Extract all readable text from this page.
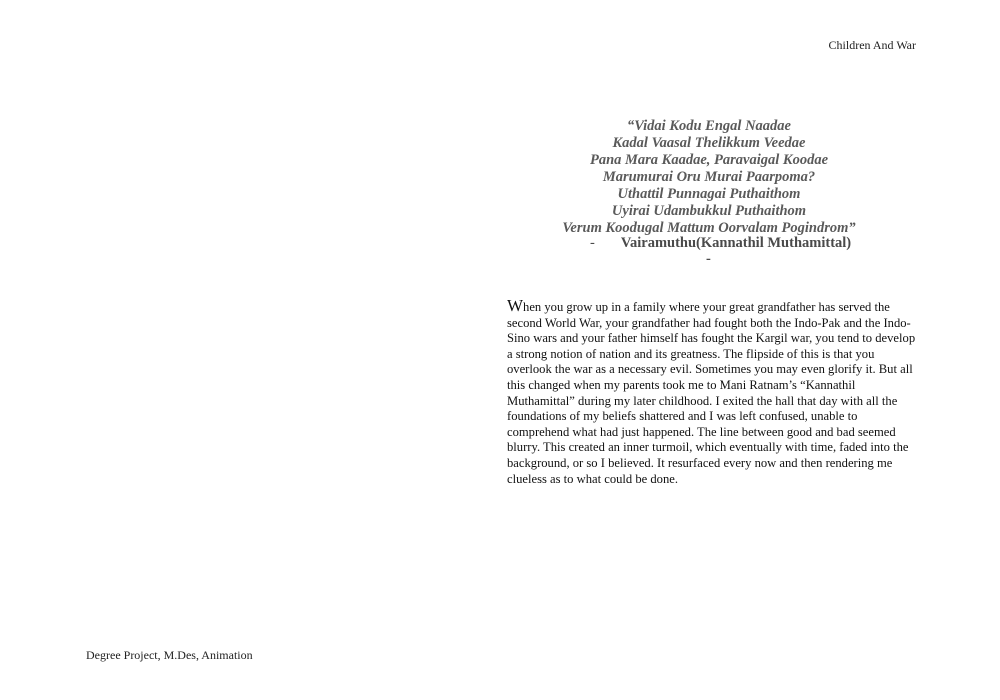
Children And War
“Vidai Kodu Engal Naadae
Kadal Vaasal Thelikkum Veedae
Pana Mara Kaadae, Paravaigal Koodae
Marumurai Oru Murai Paarpoma?
Uthattil Punnagai Puthaithom
Uyirai Udambukkul Puthaithom
Verum Koodugal Mattum Oorvalam Pogindrom”
- Vairamuthu(Kannathil Muthamittal)
-
When you grow up in a family where your great grandfather has served the second World War, your grandfather had fought both the Indo-Pak and the Indo-Sino wars and your father himself has fought the Kargil war, you tend to develop a strong notion of nation and its greatness. The flipside of this is that you overlook the war as a necessary evil. Sometimes you may even glorify it. But all this changed when my parents took me to Mani Ratnam’s “Kannathil Muthamittal” during my later childhood. I exited the hall that day with all the foundations of my beliefs shattered and I was left confused, unable to comprehend what had just happened. The line between good and bad seemed blurry. This created an inner turmoil, which eventually with time, faded into the background, or so I believed. It resurfaced every now and then rendering me clueless as to what could be done.
Degree Project, M.Des, Animation
